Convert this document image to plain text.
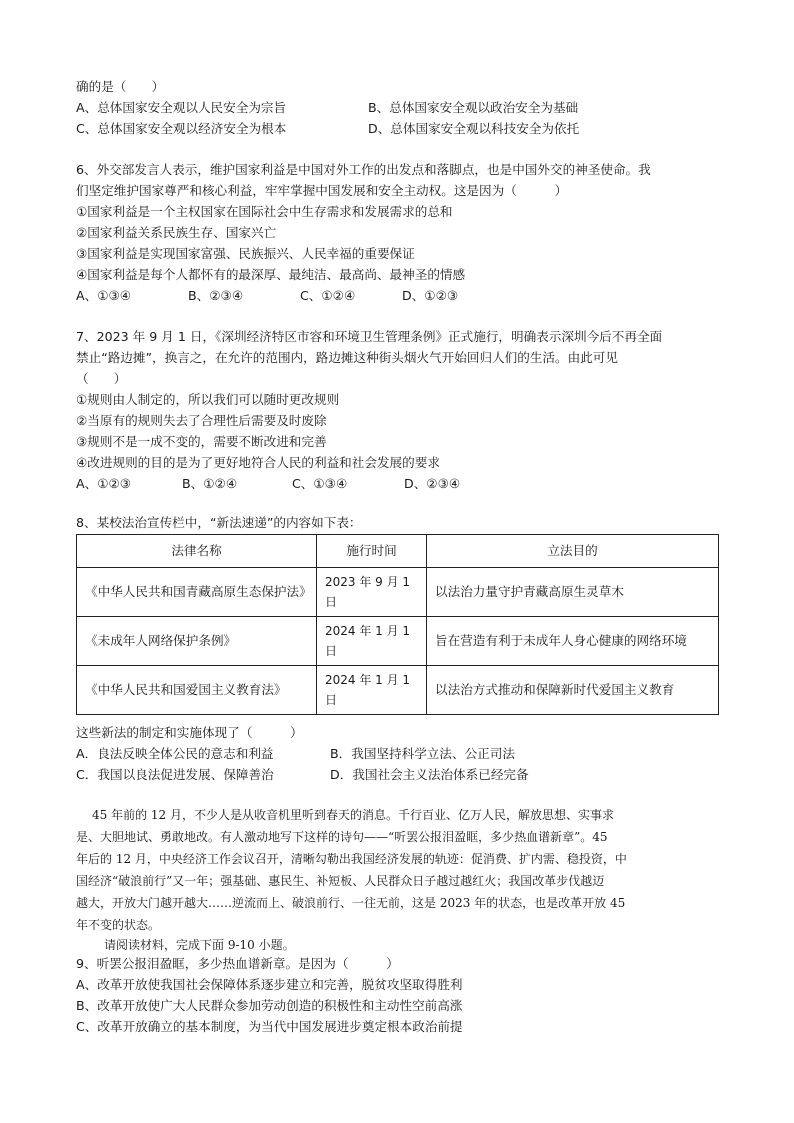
确的是（　　）
A、总体国家安全观以人民安全为宗旨	B、总体国家安全观以政治安全为基础
C、总体国家安全观以经济安全为根本	D、总体国家安全观以科技安全为依托
6、外交部发言人表示，维护国家利益是中国对外工作的出发点和落脚点，也是中国外交的神圣使命。我
们坚定维护国家尊严和核心利益，牢牢掌握中国发展和安全主动权。这是因为（　　　）
①国家利益是一个主权国家在国际社会中生存需求和发展需求的总和
②国家利益关系民族生存、国家兴亡
③国家利益是实现国家富强、民族振兴、人民幸福的重要保证
④国家利益是每个人都怀有的最深厚、最纯洁、最高尚、最神圣的情感
A、①③④	B、②③④	C、①②④	D、①②③
7、2023 年 9 月 1 日，《深圳经济特区市容和环境卫生管理条例》正式施行，明确表示深圳今后不再全面
禁止“路边摊”，换言之，在允许的范围内，路边摊这种街头烟火气开始回归人们的生活。由此可见
（　　）
①规则由人制定的，所以我们可以随时更改规则
②当原有的规则失去了合理性后需要及时废除
③规则不是一成不变的，需要不断改进和完善
④改进规则的目的是为了更好地符合人民的利益和社会发展的要求
A、①②③	B、①②④	C、①③④	D、②③④
8、某校法治宣传栏中，“新法速递”的内容如下表：
法律名称	施行时间	立法目的
《中华人民共和国青藏高原生态保护法》	2023 年 9 月 1 日	以法治力量守护青藏高原生灵草木
《未成年人网络保护条例》	2024 年 1 月 1 日	旨在营造有利于未成年人身心健康的网络环境
《中华人民共和国爱国主义教育法》	2024 年 1 月 1 日	以法治方式推动和保障新时代爱国主义教育
这些新法的制定和实施体现了（　　　）
A．良法反映全体公民的意志和利益	B．我国坚持科学立法、公正司法
C．我国以良法促进发展、保障善治	D．我国社会主义法治体系已经完备
45 年前的 12 月，不少人是从收音机里听到春天的消息。千行百业、亿万人民，解放思想、实事求
是、大胆地试、勇敢地改。有人激动地写下这样的诗句——“听罢公报泪盈眶，多少热血谱新章”。45
年后的 12 月，中央经济工作会议召开，清晰勾勒出我国经济发展的轨迹：促消费、扩内需、稳投资，中
国经济“破浪前行”又一年；强基础、惠民生、补短板、人民群众日子越过越红火；我国改革步伐越迈
越大，开放大门越开越大……逆流而上、破浪前行、一往无前，这是 2023 年的状态，也是改革开放 45
年不变的状态。
请阅读材料，完成下面 9-10 小题。
9、听罢公报泪盈眶，多少热血谱新章。是因为（　　　）
A、改革开放使我国社会保障体系逐步建立和完善，脱贫攻坚取得胜利
B、改革开放使广大人民群众参加劳动创造的积极性和主动性空前高涨
C、改革开放确立的基本制度，为当代中国发展进步奠定根本政治前提
